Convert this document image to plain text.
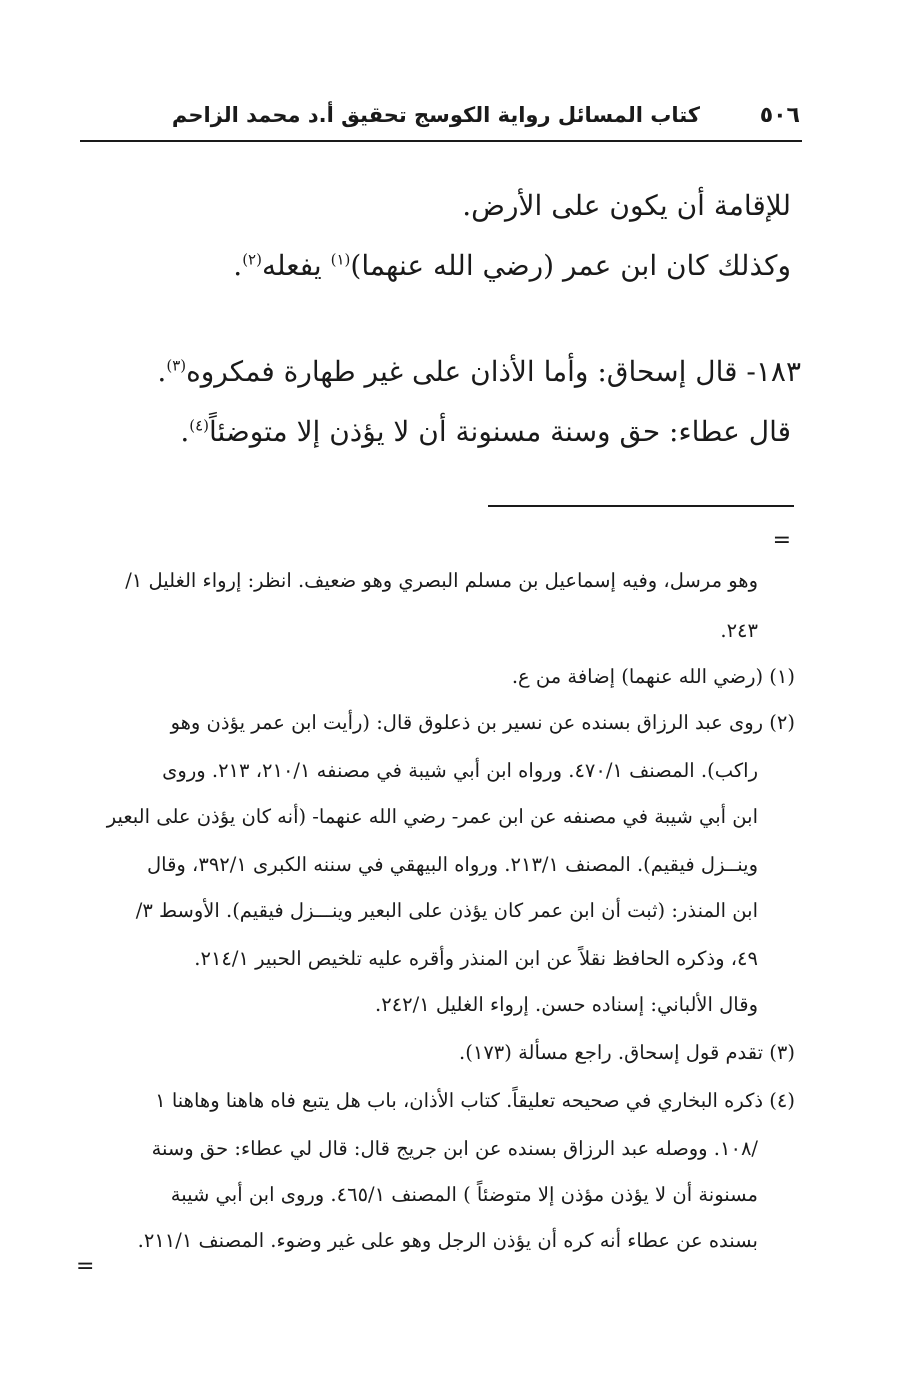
٥٠٦
كتاب المسائل رواية الكوسج تحقيق أ.د محمد الزاحم
للإقامة أن يكون على الأرض.
وكذلك كان ابن عمر (رضي الله عنهما)$^{(١)}$ يفعله$^{(٢)}$.
١٨٣- قال إسحاق: وأما الأذان على غير طهارة فمكروه$^{(٣)}$.
قال عطاء: حق وسنة مسنونة أن لا يؤذن إلا متوضئاً$^{(٤)}$.
=
وهو مرسل، وفيه إسماعيل بن مسلم البصري وهو ضعيف. انظر: إرواء الغليل ١/
٢٤٣.
(١) (رضي الله عنهما) إضافة من ع.
(٢) روى عبد الرزاق بسنده عن نسير بن ذعلوق قال: (رأيت ابن عمر يؤذن وهو
راكب). المصنف ٤٧٠/١. ورواه ابن أبي شيبة في مصنفه ٢١٠/١، ٢١٣. وروى
ابن أبي شيبة في مصنفه عن ابن عمر- رضي الله عنهما- (أنه كان يؤذن على البعير
وينــزل فيقيم). المصنف ٢١٣/١. ورواه البيهقي في سننه الكبرى ٣٩٢/١، وقال
ابن المنذر: (ثبت أن ابن عمر كان يؤذن على البعير وينـــزل فيقيم). الأوسط ٣/
٤٩، وذكره الحافظ نقلاً عن ابن المنذر وأقره عليه تلخيص الحبير ٢١٤/١.
وقال الألباني: إسناده حسن. إرواء الغليل ٢٤٢/١.
(٣) تقدم قول إسحاق. راجع مسألة (١٧٣).
(٤) ذكره البخاري في صحيحه تعليقاً. كتاب الأذان، باب هل يتبع فاه هاهنا وهاهنا ١
/١٠٨. ووصله عبد الرزاق بسنده عن ابن جريج قال: قال لي عطاء: حق وسنة
مسنونة أن لا يؤذن مؤذن إلا متوضئاً ) المصنف ٤٦٥/١. وروى ابن أبي شيبة
بسنده عن عطاء أنه كره أن يؤذن الرجل وهو على غير وضوء. المصنف ٢١١/١.
=
